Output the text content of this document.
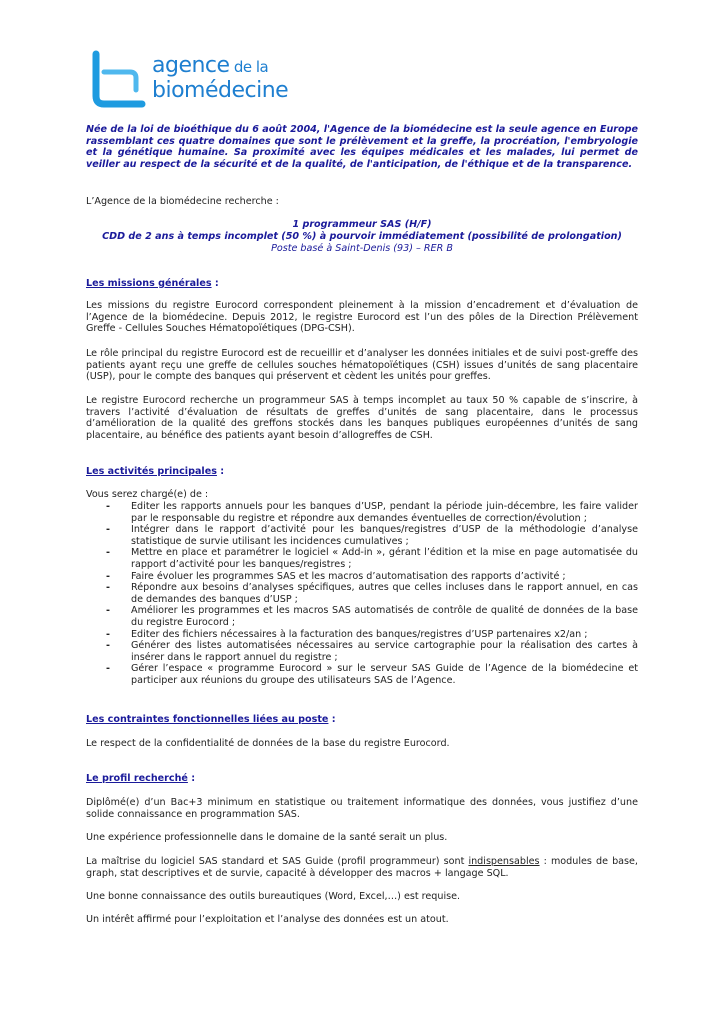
agence de la
biomédecine

Née de la loi de bioéthique du 6 août 2004, l'Agence de la biomédecine est la seule agence en Europe rassemblant ces quatre domaines que sont le prélèvement et la greffe, la procréation, l'embryologie et la génétique humaine. Sa proximité avec les équipes médicales et les malades, lui permet de veiller au respect de la sécurité et de la qualité, de l'anticipation, de l'éthique et de la transparence.

L’Agence de la biomédecine recherche :

1 programmeur SAS (H/F)

CDD de 2 ans à temps incomplet (50 %) à pourvoir immédiatement (possibilité de prolongation)

Poste basé à Saint-Denis (93) – RER B

Les missions générales :

Les missions du registre Eurocord correspondent pleinement à la mission d’encadrement et d’évaluation de l’Agence de la biomédecine. Depuis 2012, le registre Eurocord est l’un des pôles de la Direction Prélèvement Greffe - Cellules Souches Hématopoïétiques (DPG-CSH).

Le rôle principal du registre Eurocord est de recueillir et d’analyser les données initiales et de suivi post-greffe des patients ayant reçu une greffe de cellules souches hématopoïétiques (CSH) issues d’unités de sang placentaire (USP), pour le compte des banques qui préservent et cèdent les unités pour greffes.

Le registre Eurocord recherche un programmeur SAS à temps incomplet au taux 50 % capable de s’inscrire, à travers l’activité d’évaluation de résultats de greffes d’unités de sang placentaire, dans le processus d’amélioration de la qualité des greffons stockés dans les banques publiques européennes d’unités de sang placentaire, au bénéfice des patients ayant besoin d’allogreffes de CSH.

Les activités principales :

Vous serez chargé(e) de :

- Editer les rapports annuels pour les banques d’USP, pendant la période juin-décembre, les faire valider par le responsable du registre et répondre aux demandes éventuelles de correction/évolution ;
- Intégrer dans le rapport d’activité pour les banques/registres d’USP de la méthodologie d’analyse statistique de survie utilisant les incidences cumulatives ;
- Mettre en place et paramétrer le logiciel « Add-in », gérant l’édition et la mise en page automatisée du rapport d’activité pour les banques/registres ;
- Faire évoluer les programmes SAS et les macros d’automatisation des rapports d’activité ;
- Répondre aux besoins d’analyses spécifiques, autres que celles incluses dans le rapport annuel, en cas de demandes des banques d’USP ;
- Améliorer les programmes et les macros SAS automatisés de contrôle de qualité de données de la base du registre Eurocord ;
- Editer des fichiers nécessaires à la facturation des banques/registres d’USP partenaires x2/an ;
- Générer des listes automatisées nécessaires au service cartographie pour la réalisation des cartes à insérer dans le rapport annuel du registre ;
- Gérer l’espace « programme Eurocord » sur le serveur SAS Guide de l’Agence de la biomédecine et participer aux réunions du groupe des utilisateurs SAS de l’Agence.

Les contraintes fonctionnelles liées au poste :

Le respect de la confidentialité de données de la base du registre Eurocord.

Le profil recherché :

Diplômé(e) d’un Bac+3 minimum en statistique ou traitement informatique des données, vous justifiez d’une solide connaissance en programmation SAS.

Une expérience professionnelle dans le domaine de la santé serait un plus.

La maîtrise du logiciel SAS standard et SAS Guide (profil programmeur) sont indispensables : modules de base, graph, stat descriptives et de survie, capacité à développer des macros + langage SQL.

Une bonne connaissance des outils bureautiques (Word, Excel,…) est requise.

Un intérêt affirmé pour l’exploitation et l’analyse des données est un atout.
